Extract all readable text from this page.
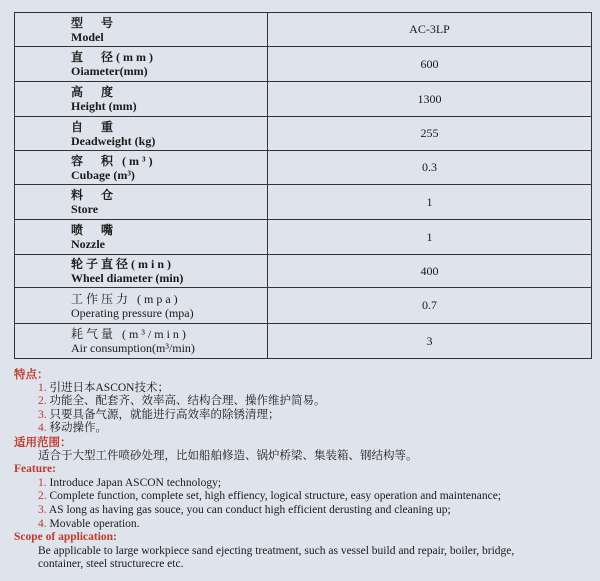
型　号
Model	AC-3LP

直　径(mm)
Oiameter(mm)	600

高　度
Height (mm)	1300

自　重
Deadweight (kg)	255

容　积 (m³)
Cubage (m³)	0.3

料　仓
Store	1

喷　嘴
Nozzle	1

轮子直径(min)
Wheel diameter (min)	400

工作压力 (mpa)
Operating pressure (mpa)	0.7

耗气量 (m³/min)
Air consumption(m³/min)	3
特点：
1. 引进日本ASCON技术；
2. 功能全、配套齐、效率高、结构合理、操作维护简易。
3. 只要具备气源，就能进行高效率的除锈清理；
4. 移动操作。
适用范围：
适合于大型工件喷砂处理，比如船舶修造、锅炉桥梁、集装箱、钢结构等。
Feature:
1. Introduce Japan ASCON technology;
2. Complete function, complete set, high effiency, logical structure, easy operation and maintenance;
3. AS long as having gas souce, you can conduct high efficient derusting and cleaning up;
4. Movable operation.
Scope of application:
Be applicable to large workpiece sand ejecting treatment, such as vessel build and repair, boiler, bridge,
container, steel structurecre etc.
